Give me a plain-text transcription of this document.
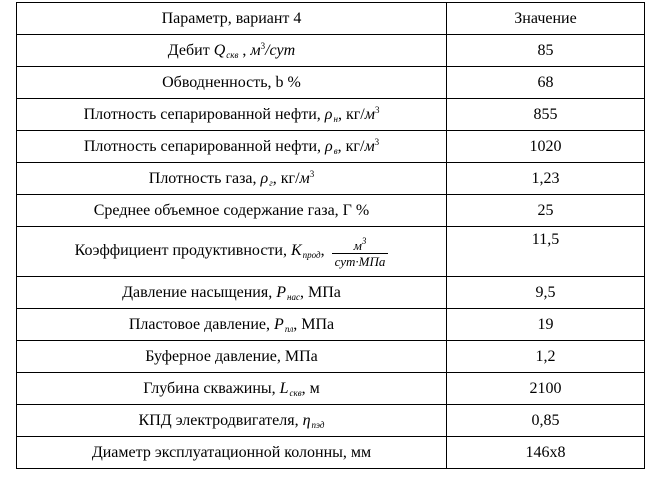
Параметр, вариант 4	Значение
Дебит $Q_{скв}$ , $м^3$/сут	85
Обводненность, b %	68
Плотность сепарированной нефти, $\rho_н$, $кг/м^3$	855
Плотность сепарированной нефти, $\rho_в$, $кг/м^3$	1020
Плотность газа, $\rho_г$, $кг/м^3$	1,23
Среднее объемное содержание газа, Г %	25
Коэффициент продуктивности, $K_{прод}$, $\frac{м^3}{\text{сут·МПа}}$	11,5
Давление насыщения, $P_{нас}$, МПа	9,5
Пластовое давление, $P_{пл}$, МПа	19
Буферное давление, МПа	1,2
Глубина скважины, $L_{скв}$, м	2100
КПД электродвигателя, $\eta_{пэд}$	0,85
Диаметр эксплуатационной колонны, мм	146х8
